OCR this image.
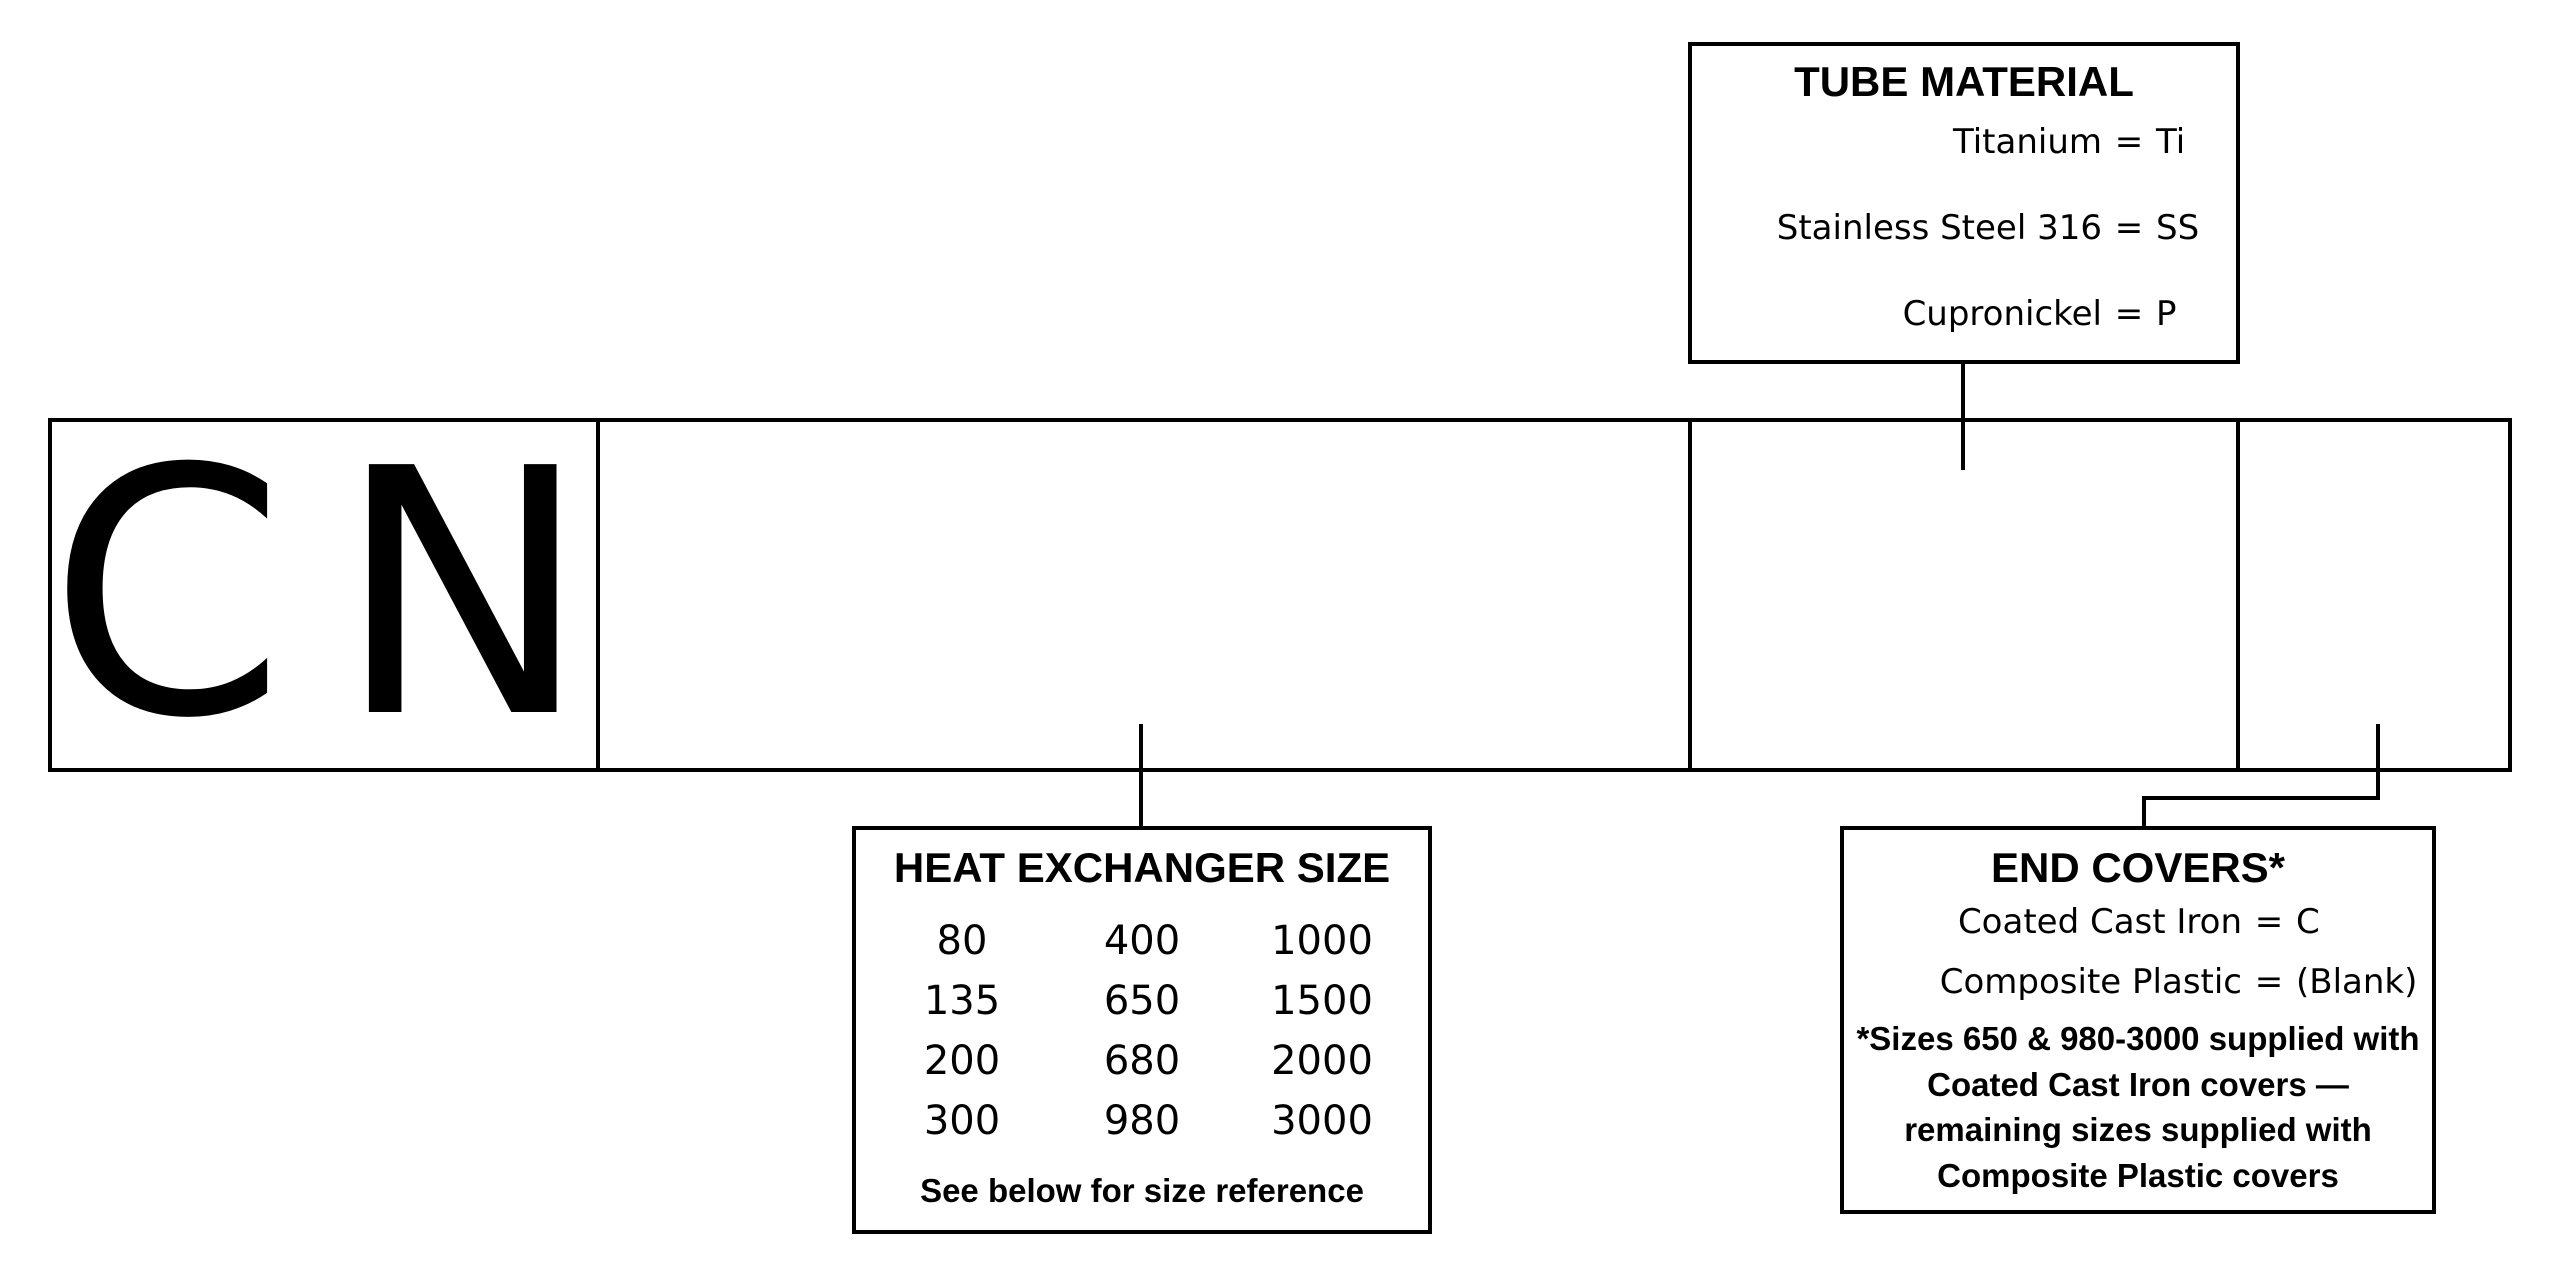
CN
TUBE MATERIAL
Titanium = Ti
Stainless Steel 316 = SS
Cupronickel = P
HEAT EXCHANGER SIZE
80	400	1000
135	650	1500
200	680	2000
300	980	3000
See below for size reference
END COVERS*
Coated Cast Iron = C
Composite Plastic = (Blank)
*Sizes 650 & 980-3000 supplied with
Coated Cast Iron covers —
remaining sizes supplied with
Composite Plastic covers
